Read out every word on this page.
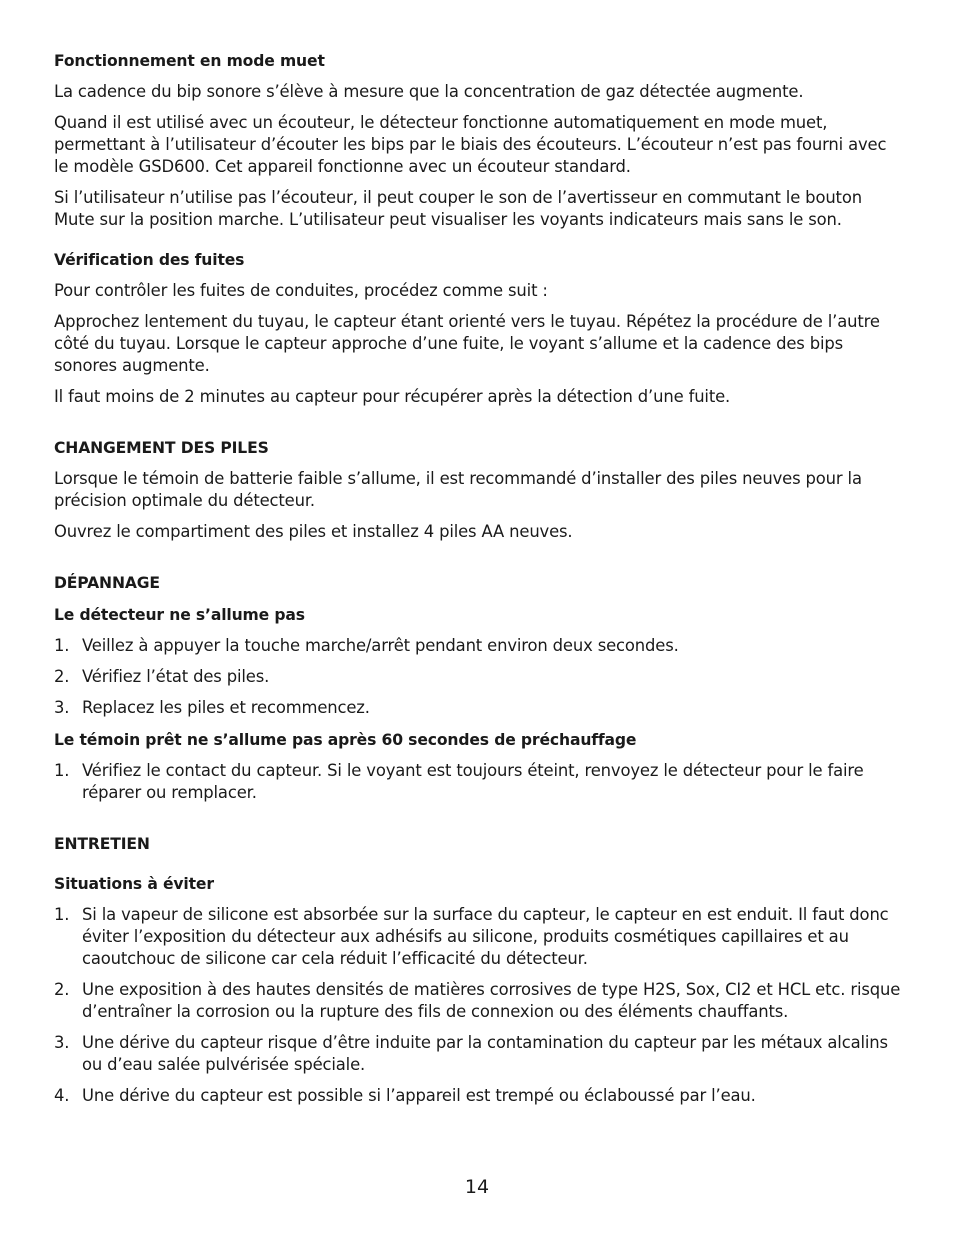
Fonctionnement en mode muet

La cadence du bip sonore s’élève à mesure que la concentration de gaz détectée augmente.

Quand il est utilisé avec un écouteur, le détecteur fonctionne automatiquement en mode muet, permettant à l’utilisateur d’écouter les bips par le biais des écouteurs. L’écouteur n’est pas fourni avec le modèle GSD600. Cet appareil fonctionne avec un écouteur standard.

Si l’utilisateur n’utilise pas l’écouteur, il peut couper le son de l’avertisseur en commutant le bouton Mute sur la position marche. L’utilisateur peut visualiser les voyants indicateurs mais sans le son.

Vérification des fuites

Pour contrôler les fuites de conduites, procédez comme suit :

Approchez lentement du tuyau, le capteur étant orienté vers le tuyau. Répétez la procédure de l’autre côté du tuyau. Lorsque le capteur approche d’une fuite, le voyant s’allume et la cadence des bips sonores augmente.

Il faut moins de 2 minutes au capteur pour récupérer après la détection d’une fuite.

CHANGEMENT DES PILES

Lorsque le témoin de batterie faible s’allume, il est recommandé d’installer des piles neuves pour la précision optimale du détecteur.

Ouvrez le compartiment des piles et installez 4 piles AA neuves.

DÉPANNAGE

Le détecteur ne s’allume pas

1. Veillez à appuyer la touche marche/arrêt pendant environ deux secondes.
2. Vérifiez l’état des piles.
3. Replacez les piles et recommencez.

Le témoin prêt ne s’allume pas après 60 secondes de préchauffage

1. Vérifiez le contact du capteur. Si le voyant est toujours éteint, renvoyez le détecteur pour le faire réparer ou remplacer.

ENTRETIEN

Situations à éviter

1. Si la vapeur de silicone est absorbée sur la surface du capteur, le capteur en est enduit. Il faut donc éviter l’exposition du détecteur aux adhésifs au silicone, produits cosmétiques capillaires et au caoutchouc de silicone car cela réduit l’efficacité du détecteur.
2. Une exposition à des hautes densités de matières corrosives de type H2S, Sox, CI2 et HCL etc. risque d’entraîner la corrosion ou la rupture des fils de connexion ou des éléments chauffants.
3. Une dérive du capteur risque d’être induite par la contamination du capteur par les métaux alcalins ou d’eau salée pulvérisée spéciale.
4. Une dérive du capteur est possible si l’appareil est trempé ou éclaboussé par l’eau.
14
